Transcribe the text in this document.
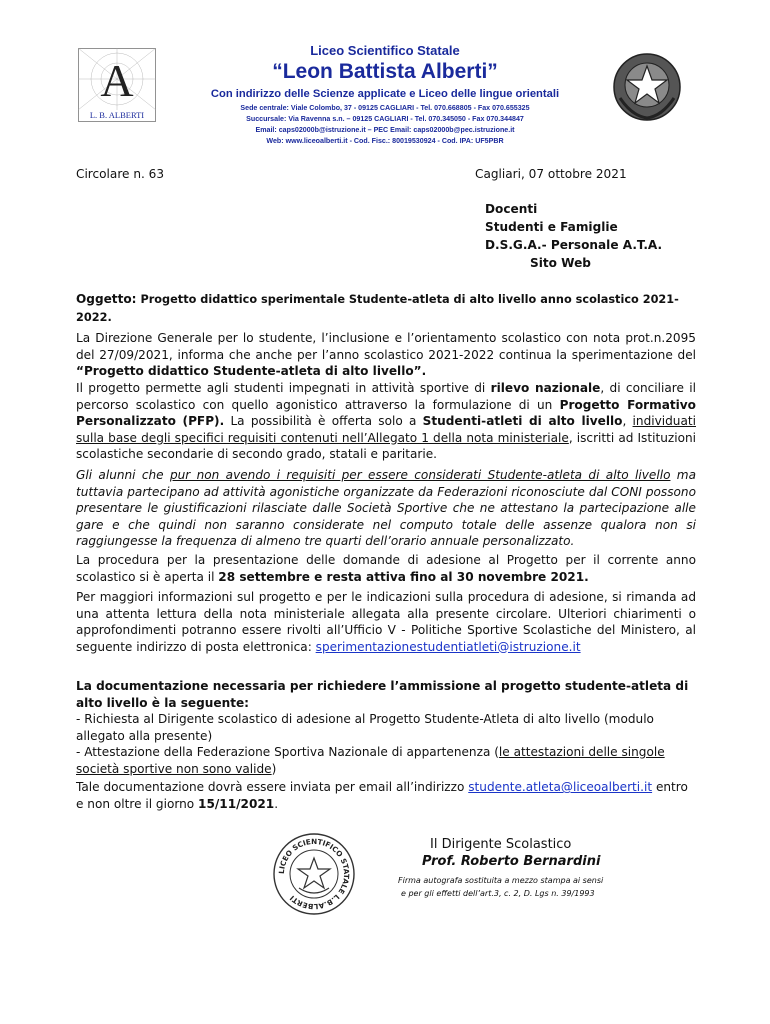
A
L. B. ALBERTI
Liceo Scientifico Statale
“Leon Battista Alberti”
Con indirizzo delle Scienze applicate e Liceo delle lingue orientali
Sede centrale: Viale Colombo, 37 - 09125 CAGLIARI - Tel. 070.668805 - Fax 070.655325
Succursale: Via Ravenna s.n. – 09125 CAGLIARI - Tel. 070.345050 - Fax 070.344847
Email: caps02000b@istruzione.it – PEC Email: caps02000b@pec.istruzione.it
Web: www.liceoalberti.it - Cod. Fisc.: 80019530924 - Cod. IPA: UF5PBR
Circolare n. 63	Cagliari, 07 ottobre 2021
Docenti
Studenti e Famiglie
D.S.G.A.- Personale A.T.A.
Sito Web
Oggetto: Progetto didattico sperimentale Studente-atleta di alto livello anno scolastico 2021-2022.
La Direzione Generale per lo studente, l’inclusione e l’orientamento scolastico con nota prot.n.2095 del 27/09/2021, informa che anche per l’anno scolastico 2021-2022 continua la sperimentazione del “Progetto didattico Studente-atleta di alto livello”.
Il progetto permette agli studenti impegnati in attività sportive di rilevo nazionale, di conciliare il percorso scolastico con quello agonistico attraverso la formulazione di un Progetto Formativo Personalizzato (PFP). La possibilità è offerta solo a Studenti-atleti di alto livello, individuati sulla base degli specifici requisiti contenuti nell’Allegato 1 della nota ministeriale, iscritti ad Istituzioni scolastiche secondarie di secondo grado, statali e paritarie.
Gli alunni che pur non avendo i requisiti per essere considerati Studente-atleta di alto livello ma tuttavia partecipano ad attività agonistiche organizzate da Federazioni riconosciute dal CONI possono presentare le giustificazioni rilasciate dalle Società Sportive che ne attestano la partecipazione alle gare e che quindi non saranno considerate nel computo totale delle assenze qualora non si raggiungesse la frequenza di almeno tre quarti dell’orario annuale personalizzato.
La procedura per la presentazione delle domande di adesione al Progetto per il corrente anno scolastico si è aperta il 28 settembre e resta attiva fino al 30 novembre 2021.
Per maggiori informazioni sul progetto e per le indicazioni sulla procedura di adesione, si rimanda ad una attenta lettura della nota ministeriale allegata alla presente circolare. Ulteriori chiarimenti o approfondimenti potranno essere rivolti all’Ufficio V - Politiche Sportive Scolastiche del Ministero, al seguente indirizzo di posta elettronica: sperimentazionestudentiatleti@istruzione.it
La documentazione necessaria per richiedere l’ammissione al progetto studente-atleta di alto livello è la seguente:
- Richiesta al Dirigente scolastico di adesione al Progetto Studente-Atleta di alto livello (modulo allegato alla presente)
- Attestazione della Federazione Sportiva Nazionale di appartenenza (le attestazioni delle singole società sportive non sono valide)
Tale documentazione dovrà essere inviata per email all’indirizzo studente.atleta@liceoalberti.it entro e non oltre il giorno 15/11/2021.
LICEO SCIENTIFICO STATALE L.B.ALBERTI
Il Dirigente Scolastico
Prof. Roberto Bernardini
Firma autografa sostituita a mezzo stampa ai sensi
e per gli effetti dell’art.3, c. 2, D. Lgs n. 39/1993
